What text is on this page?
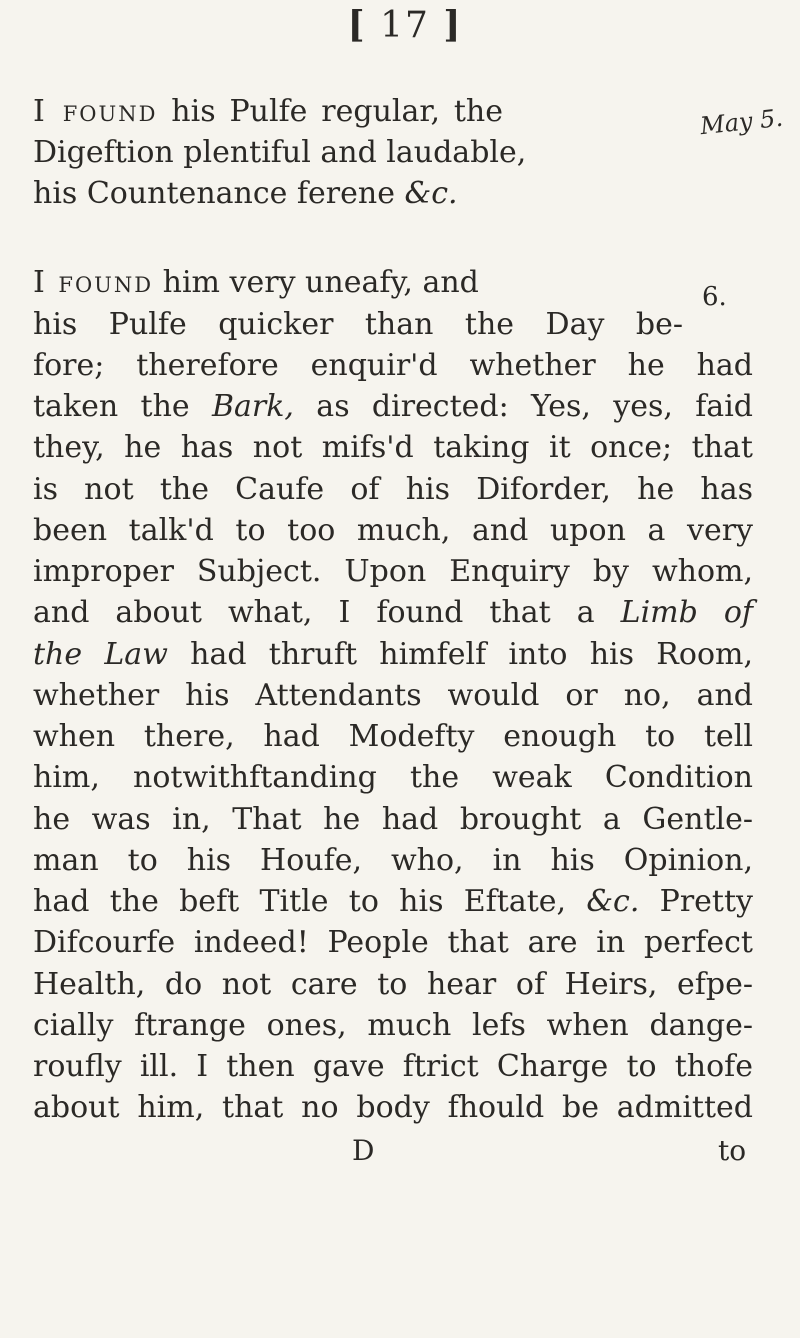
[ 17 ]
May 5.
6.
I found his Pulfe regular, the
Digeftion plentiful and laudable,
his Countenance ferene &c.
I found him very uneafy, and
his Pulfe quicker than the Day be-
fore; therefore enquir'd whether he had
taken the Bark, as directed: Yes, yes, faid
they, he has not mifs'd taking it once; that
is not the Caufe of his Diforder, he has
been talk'd to too much, and upon a very
improper Subject. Upon Enquiry by whom,
and about what, I found that a Limb of
the Law had thruft himfelf into his Room,
whether his Attendants would or no, and
when there, had Modefty enough to tell
him, notwithftanding the weak Condition
he was in, That he had brought a Gentle-
man to his Houfe, who, in his Opinion,
had the beft Title to his Eftate, &c. Pretty
Difcourfe indeed! People that are in perfect
Health, do not care to hear of Heirs, efpe-
cially ftrange ones, much lefs when dange-
roufly ill. I then gave ftrict Charge to thofe
about him, that no body fhould be admitted
D	to
